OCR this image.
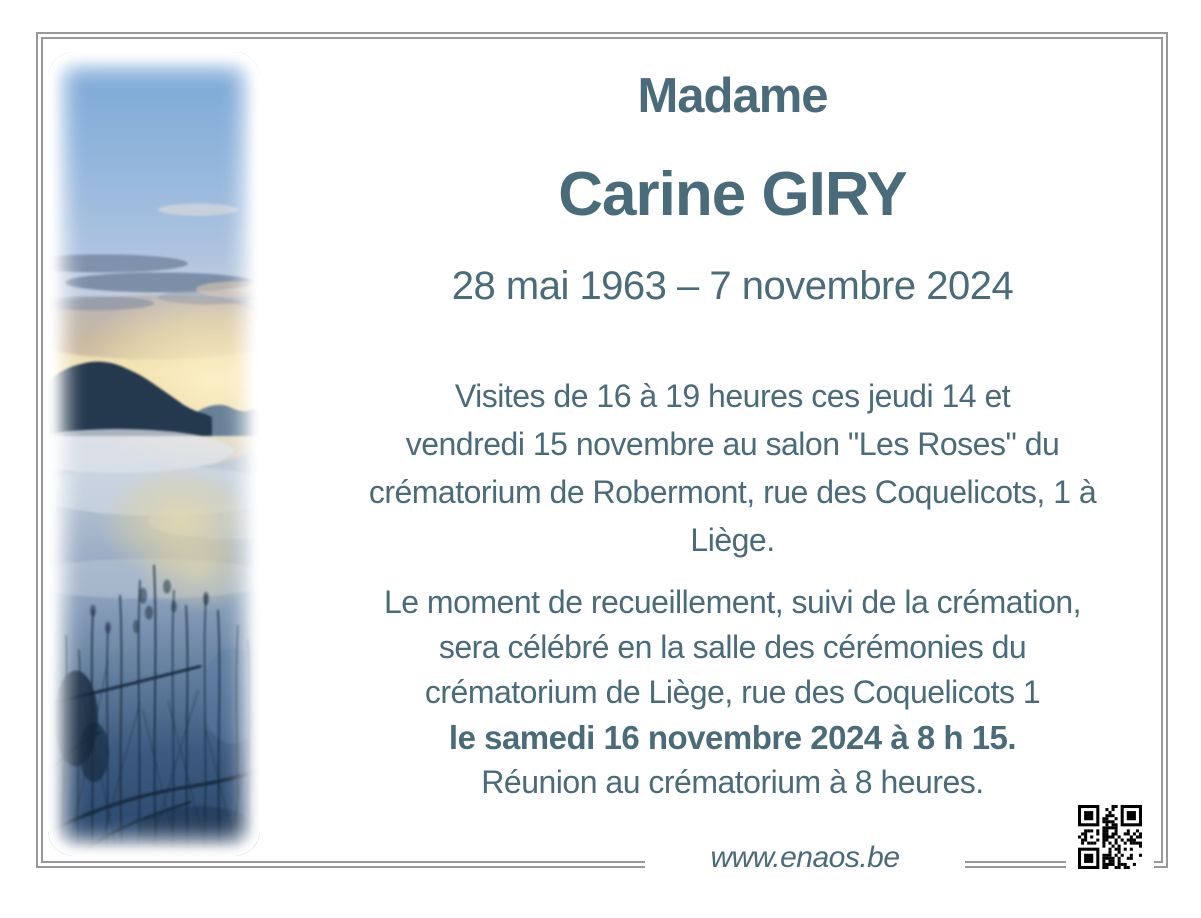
Madame
Carine GIRY
28 mai 1963 – 7 novembre 2024
Visites de 16 à 19 heures ces jeudi 14 et
vendredi 15 novembre au salon "Les Roses" du
crématorium de Robermont, rue des Coquelicots, 1 à
Liège.
Le moment de recueillement, suivi de la crémation,
sera célébré en la salle des cérémonies du
crématorium de Liège, rue des Coquelicots 1
le samedi 16 novembre 2024 à 8 h 15.
Réunion au crématorium à 8 heures.
www.enaos.be
